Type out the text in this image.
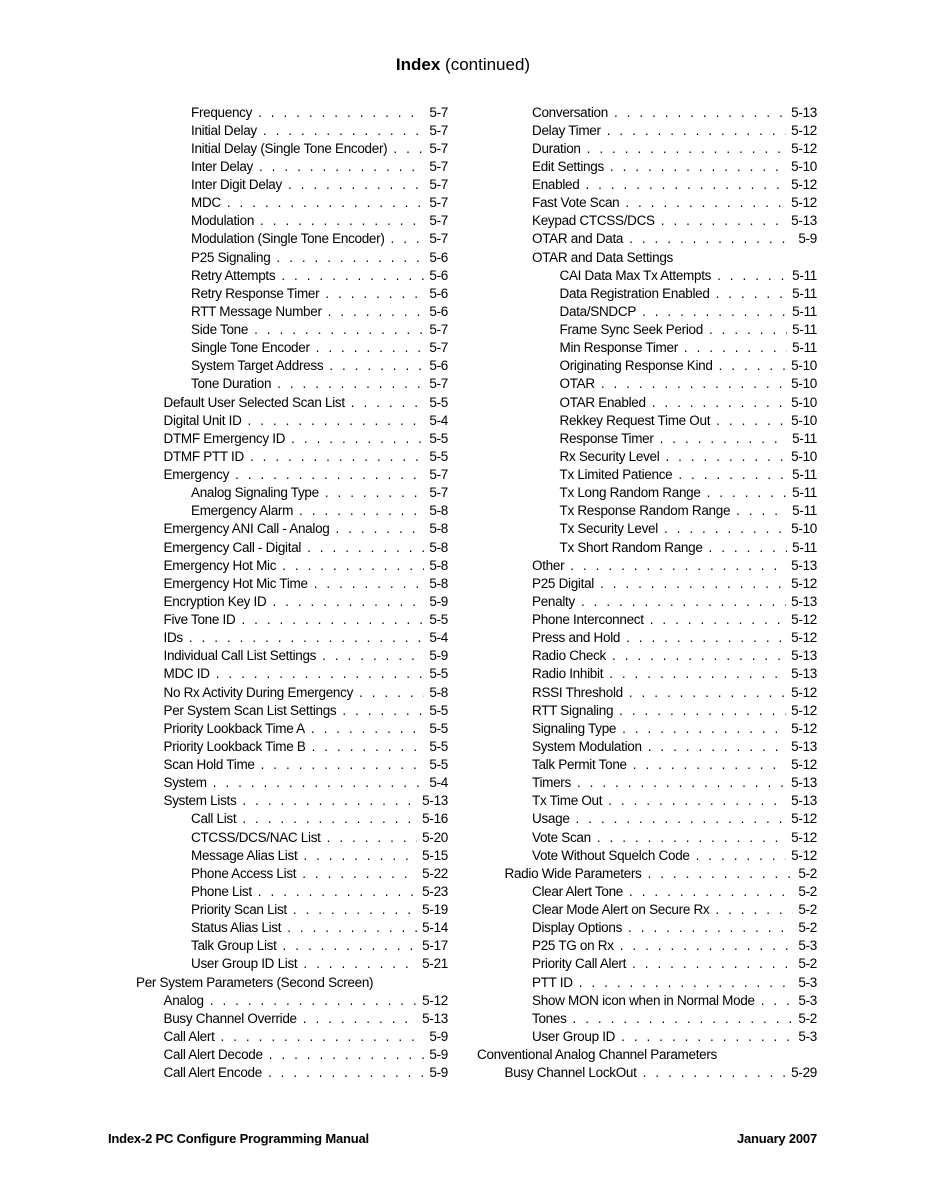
Index (continued)
Frequency . . .	5-7
Initial Delay . . .	5-7
Initial Delay (Single Tone Encoder) . . .	5-7
Inter Delay . . .	5-7
Inter Digit Delay . . .	5-7
MDC . . .	5-7
Modulation . . .	5-7
Modulation (Single Tone Encoder) . . .	5-7
P25 Signaling . . .	5-6
Retry Attempts . . .	5-6
Retry Response Timer . . .	5-6
RTT Message Number . . .	5-6
Side Tone . . .	5-7
Single Tone Encoder . . .	5-7
System Target Address . . .	5-6
Tone Duration . . .	5-7
Default User Selected Scan List . . .	5-5
Digital Unit ID . . .	5-4
DTMF Emergency ID . . .	5-5
DTMF PTT ID . . .	5-5
Emergency . . .	5-7
Analog Signaling Type . . .	5-7
Emergency Alarm . . .	5-8
Emergency ANI Call - Analog . . .	5-8
Emergency Call - Digital . . .	5-8
Emergency Hot Mic . . .	5-8
Emergency Hot Mic Time . . .	5-8
Encryption Key ID . . .	5-9
Five Tone ID . . .	5-5
IDs . . .	5-4
Individual Call List Settings . . .	5-9
MDC ID . . .	5-5
No Rx Activity During Emergency . . .	5-8
Per System Scan List Settings . . .	5-5
Priority Lookback Time A . . .	5-5
Priority Lookback Time B . . .	5-5
Scan Hold Time . . .	5-5
System . . .	5-4
System Lists . . .	5-13
Call List . . .	5-16
CTCSS/DCS/NAC List . . .	5-20
Message Alias List . . .	5-15
Phone Access List . . .	5-22
Phone List . . .	5-23
Priority Scan List . . .	5-19
Status Alias List . . .	5-14
Talk Group List . . .	5-17
User Group ID List . . .	5-21
Per System Parameters (Second Screen)
Analog . . .	5-12
Busy Channel Override . . .	5-13
Call Alert . . .	5-9
Call Alert Decode . . .	5-9
Call Alert Encode . . .	5-9
Conversation . . .	5-13
Delay Timer . . .	5-12
Duration . . .	5-12
Edit Settings . . .	5-10
Enabled . . .	5-12
Fast Vote Scan . . .	5-12
Keypad CTCSS/DCS . . .	5-13
OTAR and Data . . .	5-9
OTAR and Data Settings
CAI Data Max Tx Attempts . . .	5-11
Data Registration Enabled . . .	5-11
Data/SNDCP . . .	5-11
Frame Sync Seek Period . . .	5-11
Min Response Timer . . .	5-11
Originating Response Kind . . .	5-10
OTAR . . .	5-10
OTAR Enabled . . .	5-10
Rekkey Request Time Out . . .	5-10
Response Timer . . .	5-11
Rx Security Level . . .	5-10
Tx Limited Patience . . .	5-11
Tx Long Random Range . . .	5-11
Tx Response Random Range . . .	5-11
Tx Security Level . . .	5-10
Tx Short Random Range . . .	5-11
Other . . .	5-13
P25 Digital . . .	5-12
Penalty . . .	5-13
Phone Interconnect . . .	5-12
Press and Hold . . .	5-12
Radio Check . . .	5-13
Radio Inhibit . . .	5-13
RSSI Threshold . . .	5-12
RTT Signaling . . .	5-12
Signaling Type . . .	5-12
System Modulation . . .	5-13
Talk Permit Tone . . .	5-12
Timers . . .	5-13
Tx Time Out . . .	5-13
Usage . . .	5-12
Vote Scan . . .	5-12
Vote Without Squelch Code . . .	5-12
Radio Wide Parameters . . .	5-2
Clear Alert Tone . . .	5-2
Clear Mode Alert on Secure Rx . . .	5-2
Display Options . . .	5-2
P25 TG on Rx . . .	5-3
Priority Call Alert . . .	5-2
PTT ID . . .	5-3
Show MON icon when in Normal Mode . . .	5-3
Tones . . .	5-2
User Group ID . . .	5-3
Conventional Analog Channel Parameters
Busy Channel LockOut . . .	5-29
Index-2 PC Configure Programming Manual	January 2007
